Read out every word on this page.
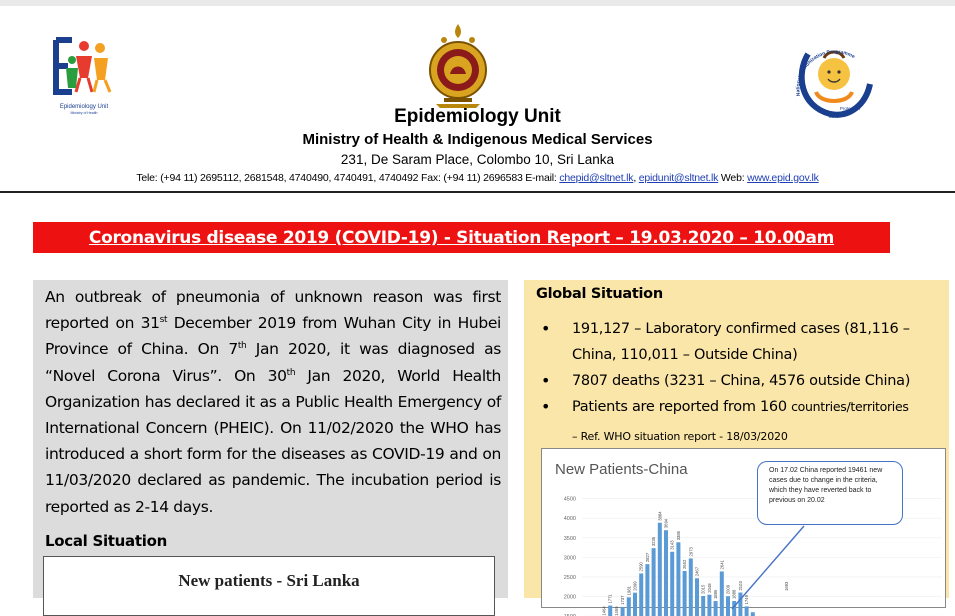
Epidemiology Unit
Ministry of Health
Love
Protection
National Immunization Programme
Epidemiology Unit
Ministry of Health & Indigenous Medical Services
231, De Saram Place, Colombo 10, Sri Lanka
Tele: (+94 11) 2695112, 2681548, 4740490, 4740491, 4740492 Fax: (+94 11) 2696583 E-mail: chepid@sltnet.lk, epidunit@sltnet.lk Web: www.epid.gov.lk
Coronavirus disease 2019 (COVID-19) - Situation Report – 19.03.2020 – 10.00am

An outbreak of pneumonia of unknown reason was first reported on 31st December 2019 from Wuhan City in Hubei Province of China. On 7th Jan 2020, it was diagnosed as “Novel Corona Virus”. On 30th Jan 2020, World Health Organization has declared it as a Public Health Emergency of International Concern (PHEIC). On 11/02/2020 the WHO has introduced a short form for the diseases as COVID-19 and on 11/03/2020 declared as pandemic. The incubation period is reported as 2-14 days.

Local Situation
New patients - Sri Lanka
Global Situation
• 191,127 – Laboratory confirmed cases (81,116 – China, 110,011 – Outside China)
• 7807 deaths (3231 – China, 4576 outside China)
• Patients are reported from 160 countries/territories
– Ref. WHO situation report - 18/03/2020
2000
2500
3000
3500
4000
4500
1464
1771
1459
1737
1981 2099
2590
2827
3235
3884
3694
3143
3385
2652
2973
2467
2015 2048
1886
2641
2009
1888
2103
1749
1693
New Patients-China	On 17.02 China reported 19461 new cases due to change in the criteria, which they have reverted back to previous on 20.02
